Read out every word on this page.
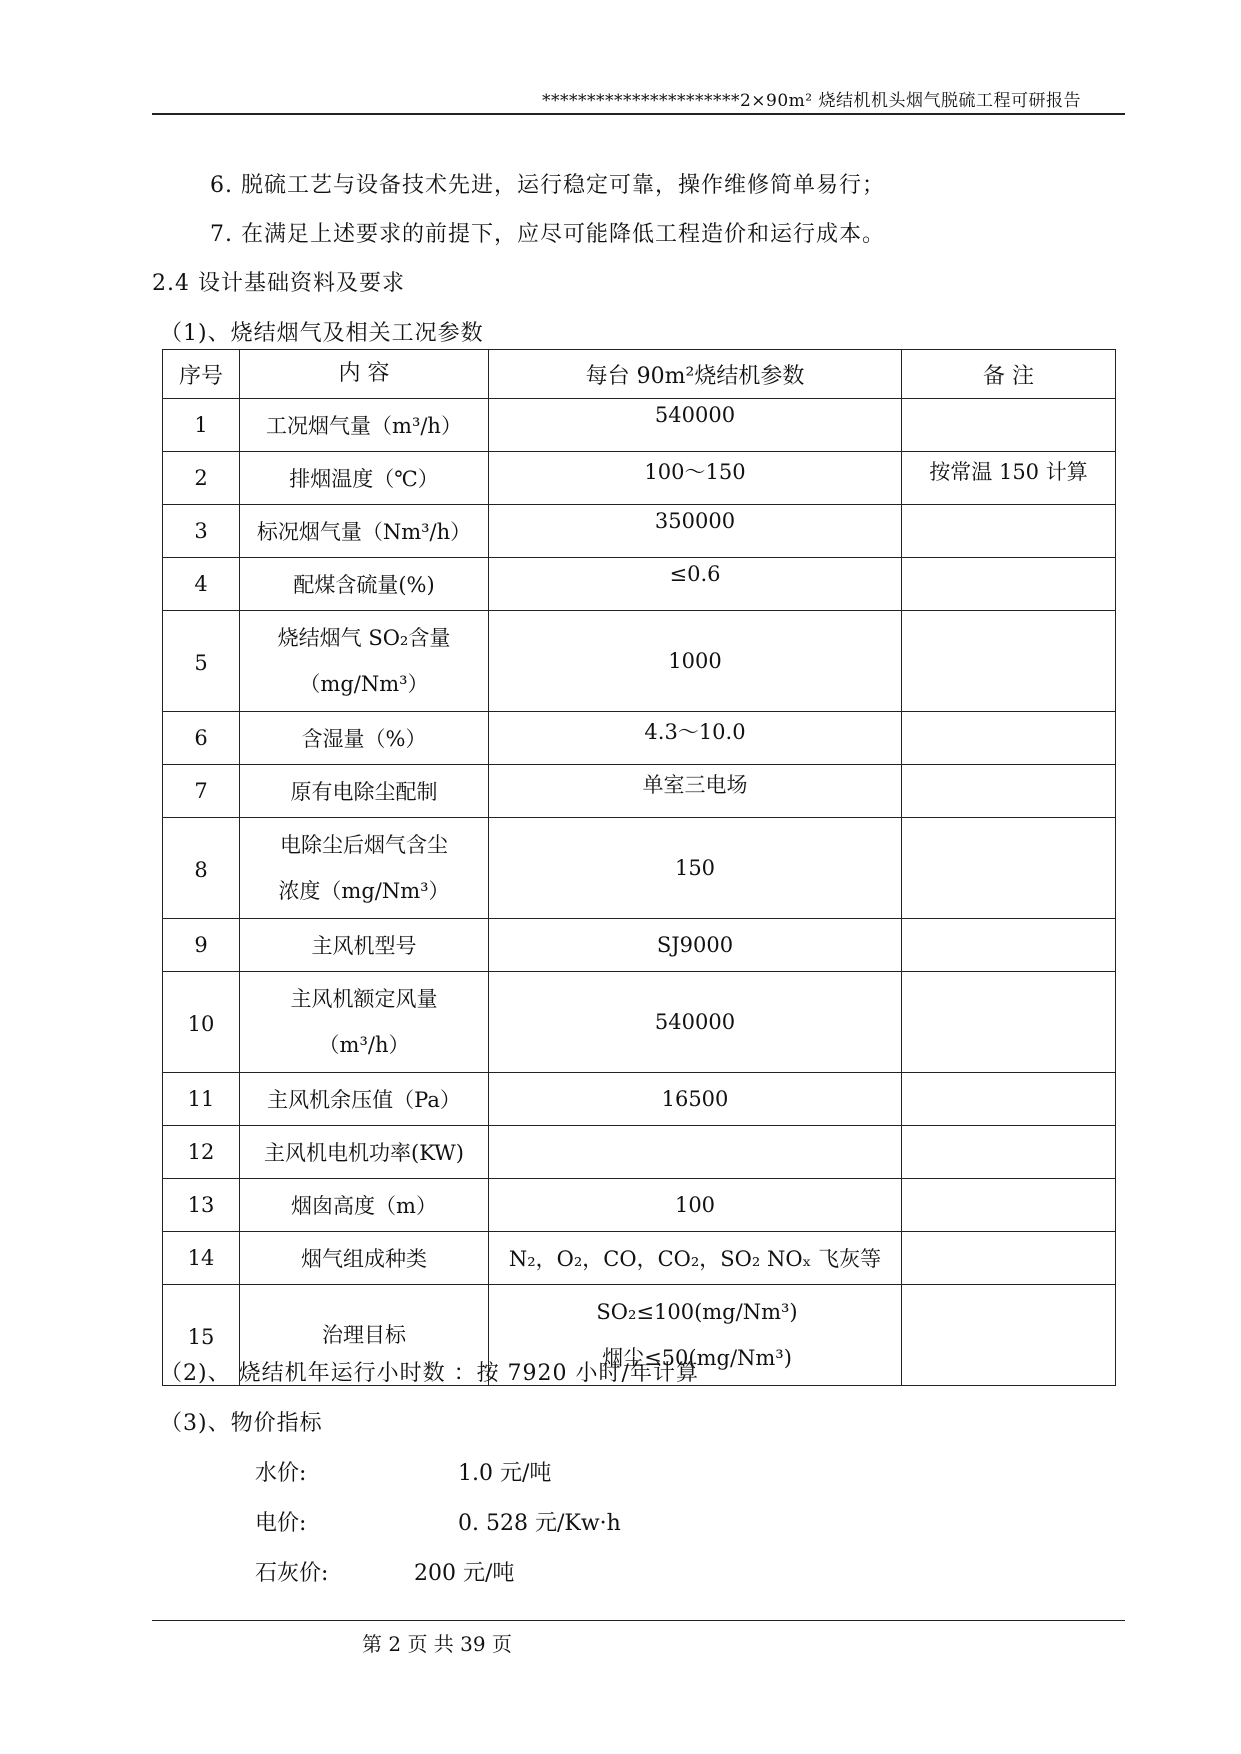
**********************2×90m² 烧结机机头烟气脱硫工程可研报告
6. 脱硫工艺与设备技术先进，运行稳定可靠，操作维修简单易行；
7. 在满足上述要求的前提下，应尽可能降低工程造价和运行成本。
2.4 设计基础资料及要求
（1)、烧结烟气及相关工况参数
序号	内 容	每台 90m²烧结机参数	备 注
1	工况烟气量（m³/h）	540000	
2	排烟温度（℃）	100～150	按常温 150 计算
3	标况烟气量（Nm³/h）	350000	
4	配煤含硫量(%)	≤0.6	
5	烧结烟气 SO₂含量
（mg/Nm³）	1000	
6	含湿量（%）	4.3～10.0	
7	原有电除尘配制	单室三电场	
8	电除尘后烟气含尘
浓度（mg/Nm³）	150	
9	主风机型号	SJ9000	
10	主风机额定风量
（m³/h）	540000	
11	主风机余压值（Pa）	16500	
12	主风机电机功率(KW)		
13	烟囱高度（m）	100	
14	烟气组成种类	N₂，O₂，CO，CO₂，SO₂ NOₓ 飞灰等	
15	治理目标	SO₂≤100(mg/Nm³)
烟尘≤50(mg/Nm³)	

（2)、 烧结机年运行小时数 ：按 7920 小时/年计算
（3)、物价指标
水价:	1.0 元/吨
电价:	0. 528 元/Kw·h
石灰价:	200 元/吨
第 2 页 共 39 页
